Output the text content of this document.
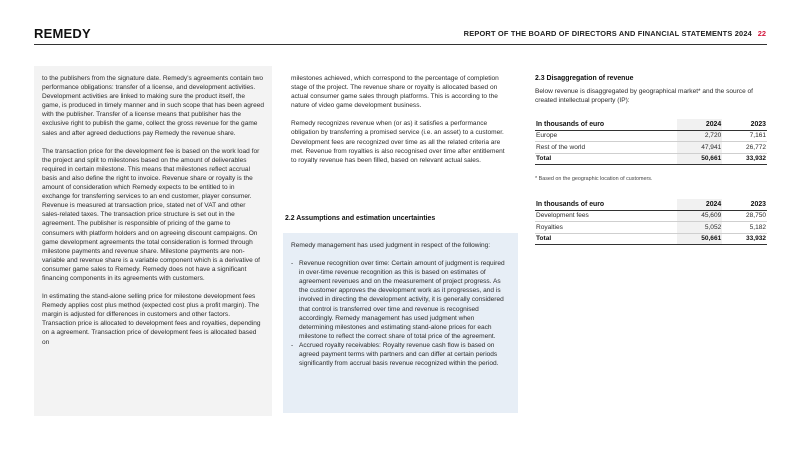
REMEDY	REPORT OF THE BOARD OF DIRECTORS AND FINANCIAL STATEMENTS 2024 22

to the publishers from the signature date. Remedy's agreements contain two performance obligations: transfer of a license, and development activities. Development activities are linked to making sure the product itself, the game, is produced in timely manner and in such scope that has been agreed with the publisher. Transfer of a license means that publisher has the exclusive right to publish the game, collect the gross revenue for the game sales and after agreed deductions pay Remedy the revenue share.

The transaction price for the development fee is based on the work load for the project and split to milestones based on the amount of deliverables required in certain milestone. This means that milestones reflect accrual basis and also define the right to invoice. Revenue share or royalty is the amount of consideration which Remedy expects to be entitled to in exchange for transferring services to an end customer, player consumer. Revenue is measured at transaction price, stated net of VAT and other sales-related taxes. The transaction price structure is set out in the agreement. The publisher is responsible of pricing of the game to consumers with platform holders and on agreeing discount campaigns. On game development agreements the total consideration is formed through milestone payments and revenue share. Milestone payments are non-variable and revenue share is a variable component which is a derivative of consumer game sales to Remedy. Remedy does not have a significant financing components in its agreements with customers.

In estimating the stand-alone selling price for milestone development fees Remedy applies cost plus method (expected cost plus a profit margin). The margin is adjusted for differences in customers and other factors. Transaction price is allocated to development fees and royalties, depending on a agreement. Transaction price of development fees is allocated based on

milestones achieved, which correspond to the percentage of completion stage of the project. The revenue share or royalty is allocated based on actual consumer game sales through platforms. This is according to the nature of video game development business.

Remedy recognizes revenue when (or as) it satisfies a performance obligation by transferring a promised service (i.e. an asset) to a customer. Development fees are recognized over time as all the related criteria are met. Revenue from royalties is also recognised over time after entitlement to royalty revenue has been filled, based on relevant actual sales.

2.2 Assumptions and estimation uncertainties

Remedy management has used judgment in respect of the following:

- Revenue recognition over time: Certain amount of judgment is required in over-time revenue recognition as this is based on estimates of agreement revenues and on the measurement of project progress. As the customer approves the development work as it progresses, and is involved in directing the development activity, it is generally considered that control is transferred over time and revenue is recognised accordingly. Remedy management has used judgment when determining milestones and estimating stand-alone prices for each milestone to reflect the correct share of total price of the agreement.
- Accrued royalty receivables: Royalty revenue cash flow is based on agreed payment terms with partners and can differ at certain periods significantly from accrual basis revenue recognized within the period.
2.3 Disaggregation of revenue
Below revenue is disaggregated by geographical market* and the source of created intellectual property (IP):
In thousands of euro	2024	2023
Europe	2,720	7,161
Rest of the world	47,941	26,772
Total	50,661	33,932
* Based on the geographic location of customers.
In thousands of euro	2024	2023
Development fees	45,609	28,750
Royalties	5,052	5,182
Total	50,661	33,932
